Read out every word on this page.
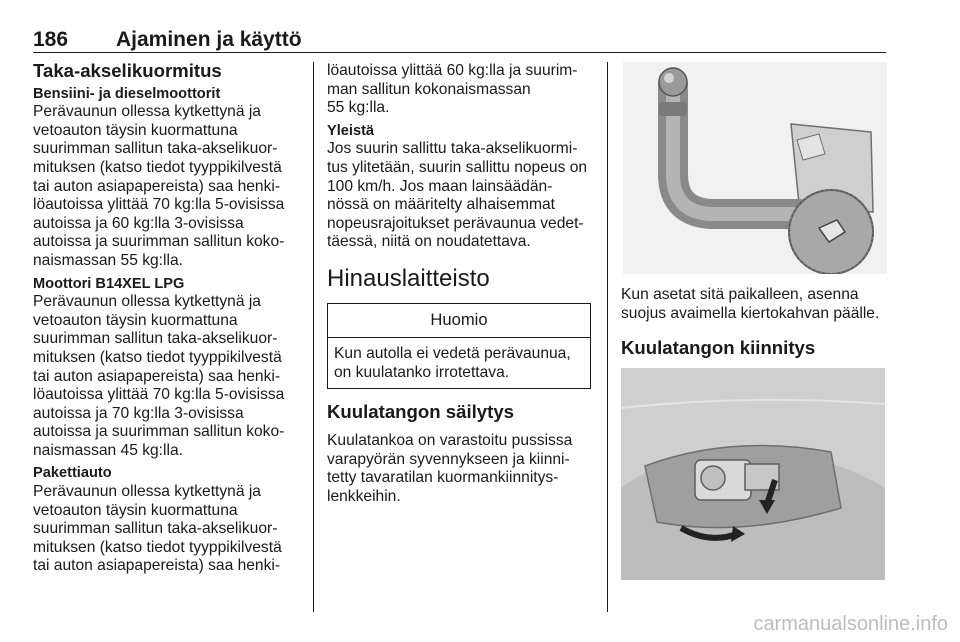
186 Ajaminen ja käyttö
Taka-akselikuormitus
Bensiini- ja dieselmoottorit
Perävaunun ollessa kytkettynä ja
vetoauton täysin kuormattuna
suurimman sallitun taka-akselikuor-
mituksen (katso tiedot tyyppikilvestä
tai auton asiapapereista) saa henki-
löautoissa ylittää 70 kg:lla 5-ovisissa
autoissa ja 60 kg:lla 3-ovisissa
autoissa ja suurimman sallitun koko-
naismassan 55 kg:lla.
Moottori B14XEL LPG
Perävaunun ollessa kytkettynä ja
vetoauton täysin kuormattuna
suurimman sallitun taka-akselikuor-
mituksen (katso tiedot tyyppikilvestä
tai auton asiapapereista) saa henki-
löautoissa ylittää 70 kg:lla 5-ovisissa
autoissa ja 70 kg:lla 3-ovisissa
autoissa ja suurimman sallitun koko-
naismassan 45 kg:lla.
Pakettiauto
Perävaunun ollessa kytkettynä ja
vetoauton täysin kuormattuna
suurimman sallitun taka-akselikuor-
mituksen (katso tiedot tyyppikilvestä
tai auton asiapapereista) saa henki-
löautoissa ylittää 60 kg:lla ja suurim-
man sallitun kokonaismassan
55 kg:lla.
Yleistä
Jos suurin sallittu taka-akselikuormi-
tus ylitetään, suurin sallittu nopeus on
100 km/h. Jos maan lainsäädän-
nössä on määritelty alhaisemmat
nopeusrajoitukset perävaunua vedet-
täessä, niitä on noudatettava.
Hinauslaitteisto
Huomio
Kun autolla ei vedetä perävaunua,
on kuulatanko irrotettava.
Kuulatangon säilytys
Kuulatankoa on varastoitu pussissa
varapyörän syvennykseen ja kiinni-
tetty tavaratilan kuormankiinnitys-
lenkkeihin.
Kun asetat sitä paikalleen, asenna
suojus avaimella kiertokahvan päälle.
Kuulatangon kiinnitys
carmanualsonline.info
